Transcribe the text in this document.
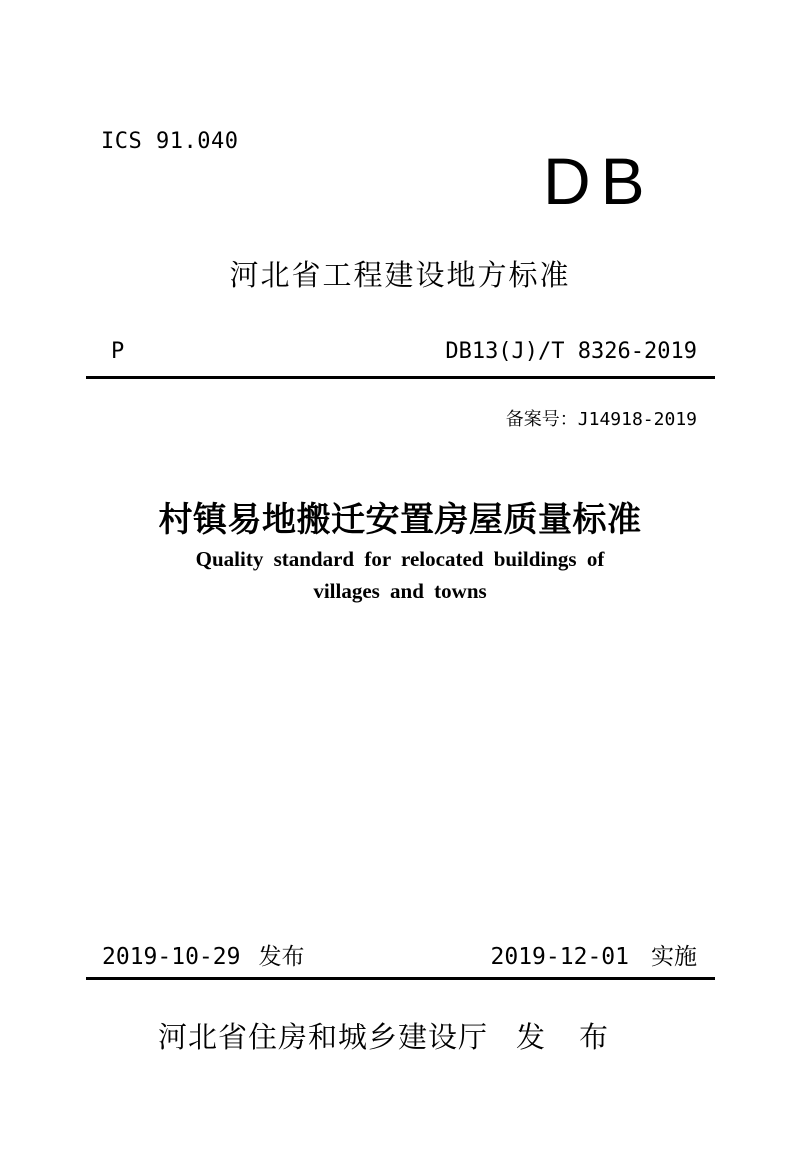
ICS 91.040
DB
河北省工程建设地方标准
P	DB13(J)/T 8326-2019
备案号：J14918-2019
村镇易地搬迁安置房屋质量标准
Quality standard for relocated buildings of
villages and towns
2019-10-29 发布	2019-12-01 实施
河北省住房和城乡建设厅 发布
